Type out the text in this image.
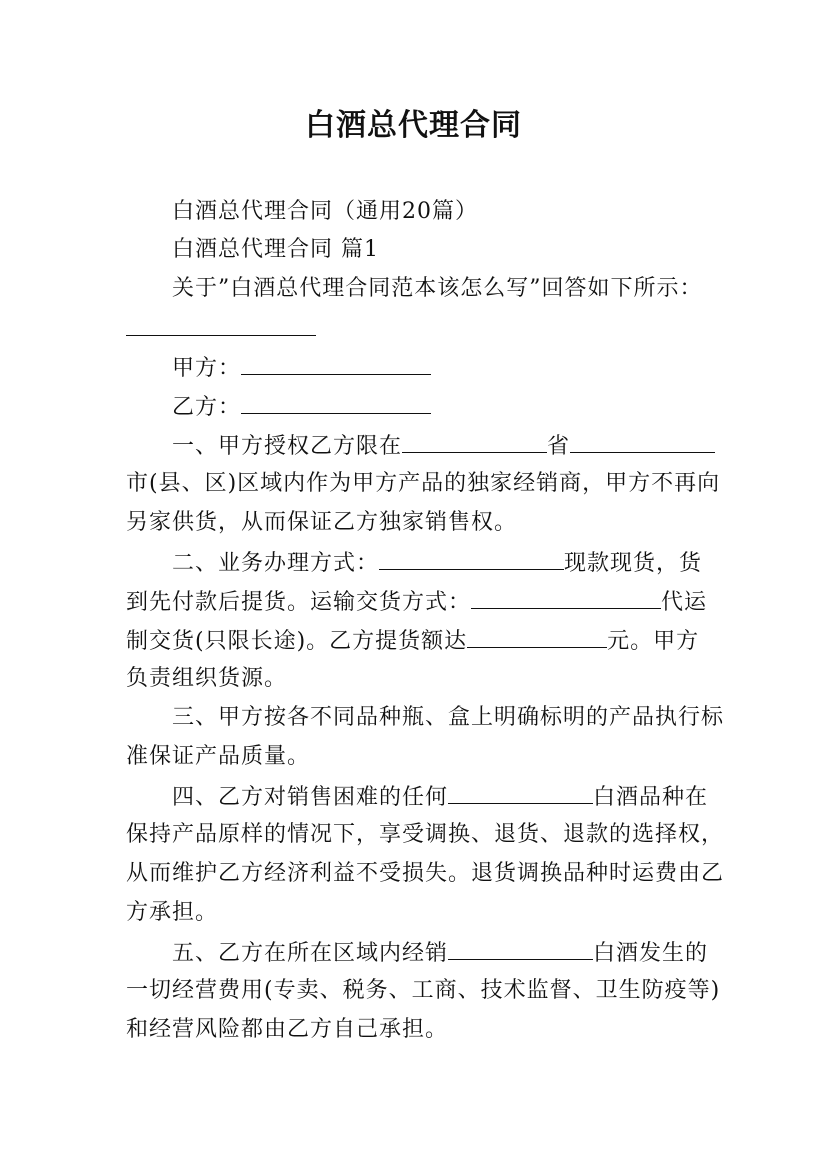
白酒总代理合同
白酒总代理合同（通用20篇）
白酒总代理合同 篇1
关于”白酒总代理合同范本该怎么写”回答如下所示：
甲方：
乙方：
一、甲方授权乙方限在	省
市(县、区)区域内作为甲方产品的独家经销商，甲方不再向
另家供货，从而保证乙方独家销售权。
二、业务办理方式：	现款现货，货
到先付款后提货。运输交货方式：	代运
制交货(只限长途)。乙方提货额达	元。甲方
负责组织货源。
三、甲方按各不同品种瓶、盒上明确标明的产品执行标
准保证产品质量。
四、乙方对销售困难的任何	白酒品种在
保持产品原样的情况下，享受调换、退货、退款的选择权，
从而维护乙方经济利益不受损失。退货调换品种时运费由乙
方承担。
五、乙方在所在区域内经销	白酒发生的
一切经营费用(专卖、税务、工商、技术监督、卫生防疫等)
和经营风险都由乙方自己承担。
